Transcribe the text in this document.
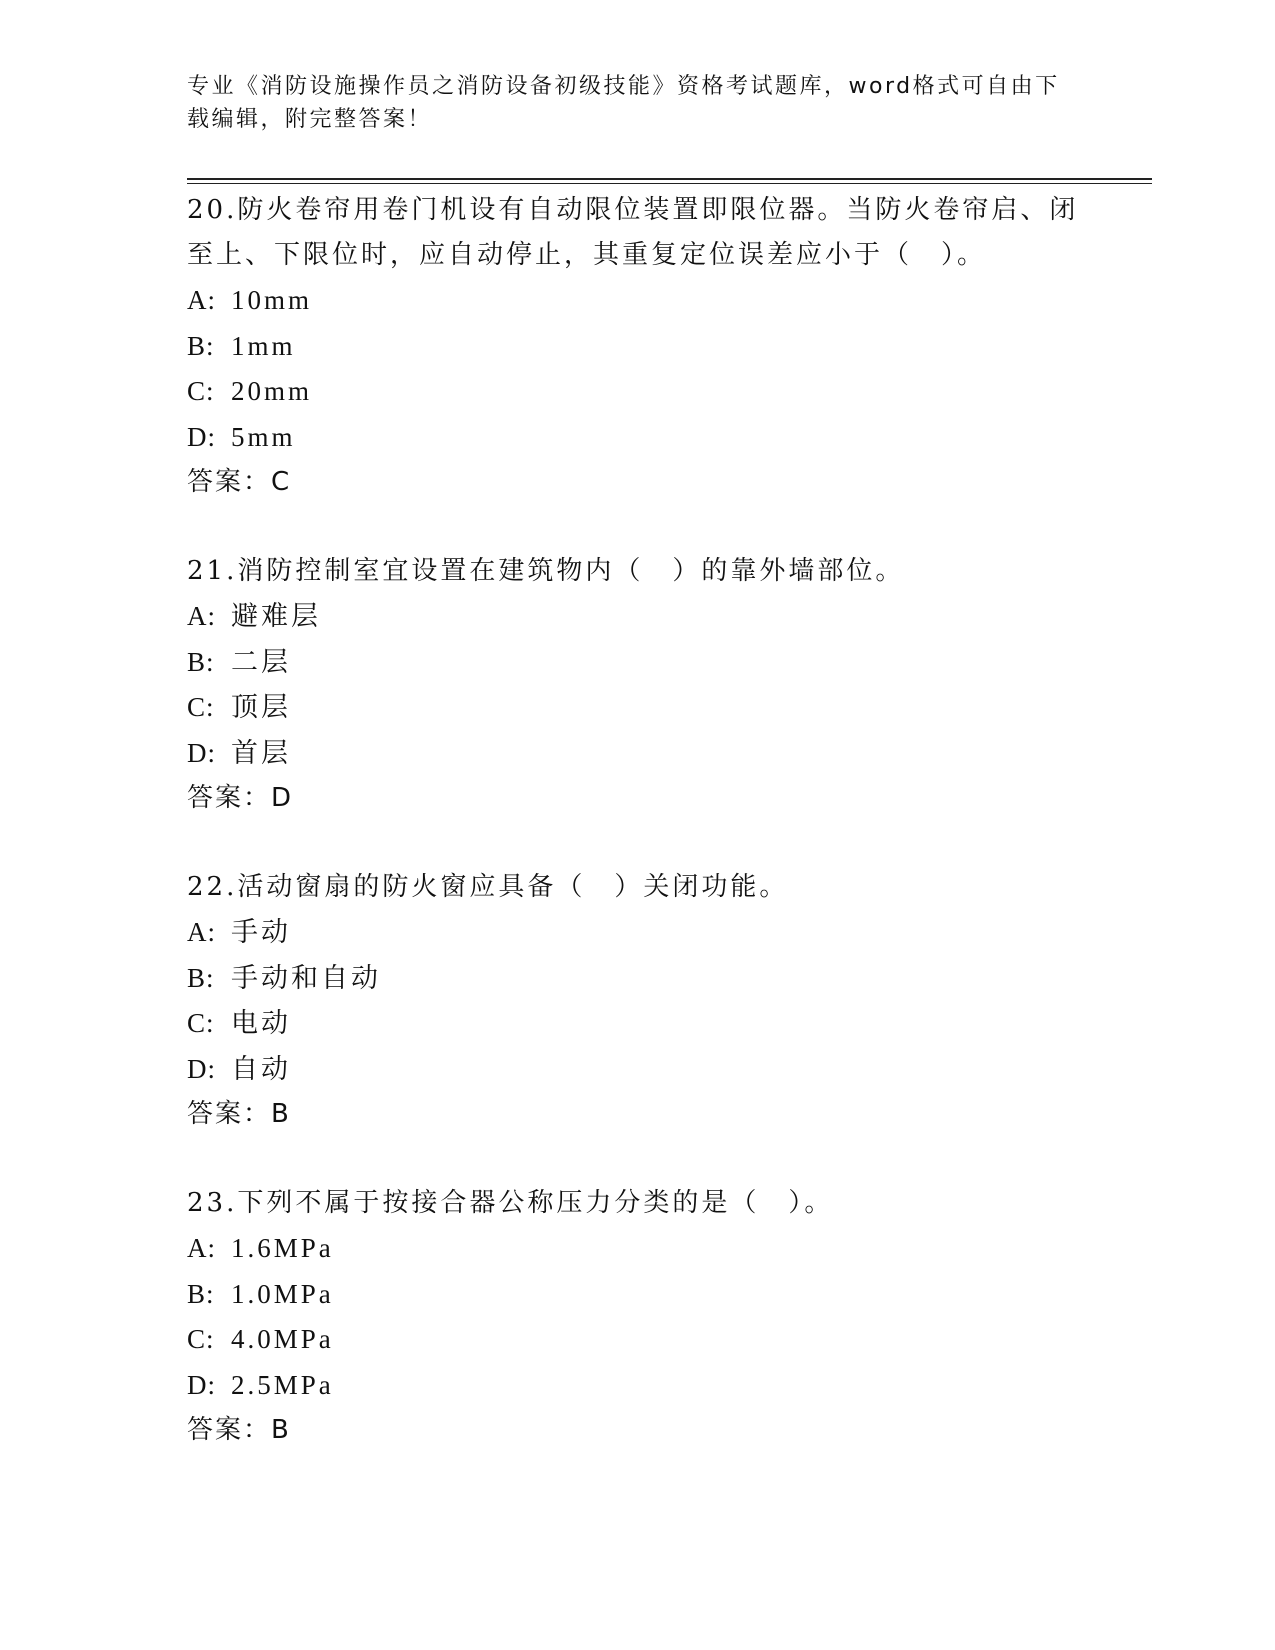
专业《消防设施操作员之消防设备初级技能》资格考试题库，word格式可自由下载编辑，附完整答案！

20.防火卷帘用卷门机设有自动限位装置即限位器。当防火卷帘启、闭至上、下限位时，应自动停止，其重复定位误差应小于（　）。

A: 10mm
B: 1mm
C: 20mm
D: 5mm
答案：C

21.消防控制室宜设置在建筑物内（　）的靠外墙部位。

A: 避难层
B: 二层
C: 顶层
D: 首层
答案：D

22.活动窗扇的防火窗应具备（　）关闭功能。

A: 手动
B: 手动和自动
C: 电动
D: 自动
答案：B

23.下列不属于按接合器公称压力分类的是（　）。

A: 1.6MPa
B: 1.0MPa
C: 4.0MPa
D: 2.5MPa
答案：B
